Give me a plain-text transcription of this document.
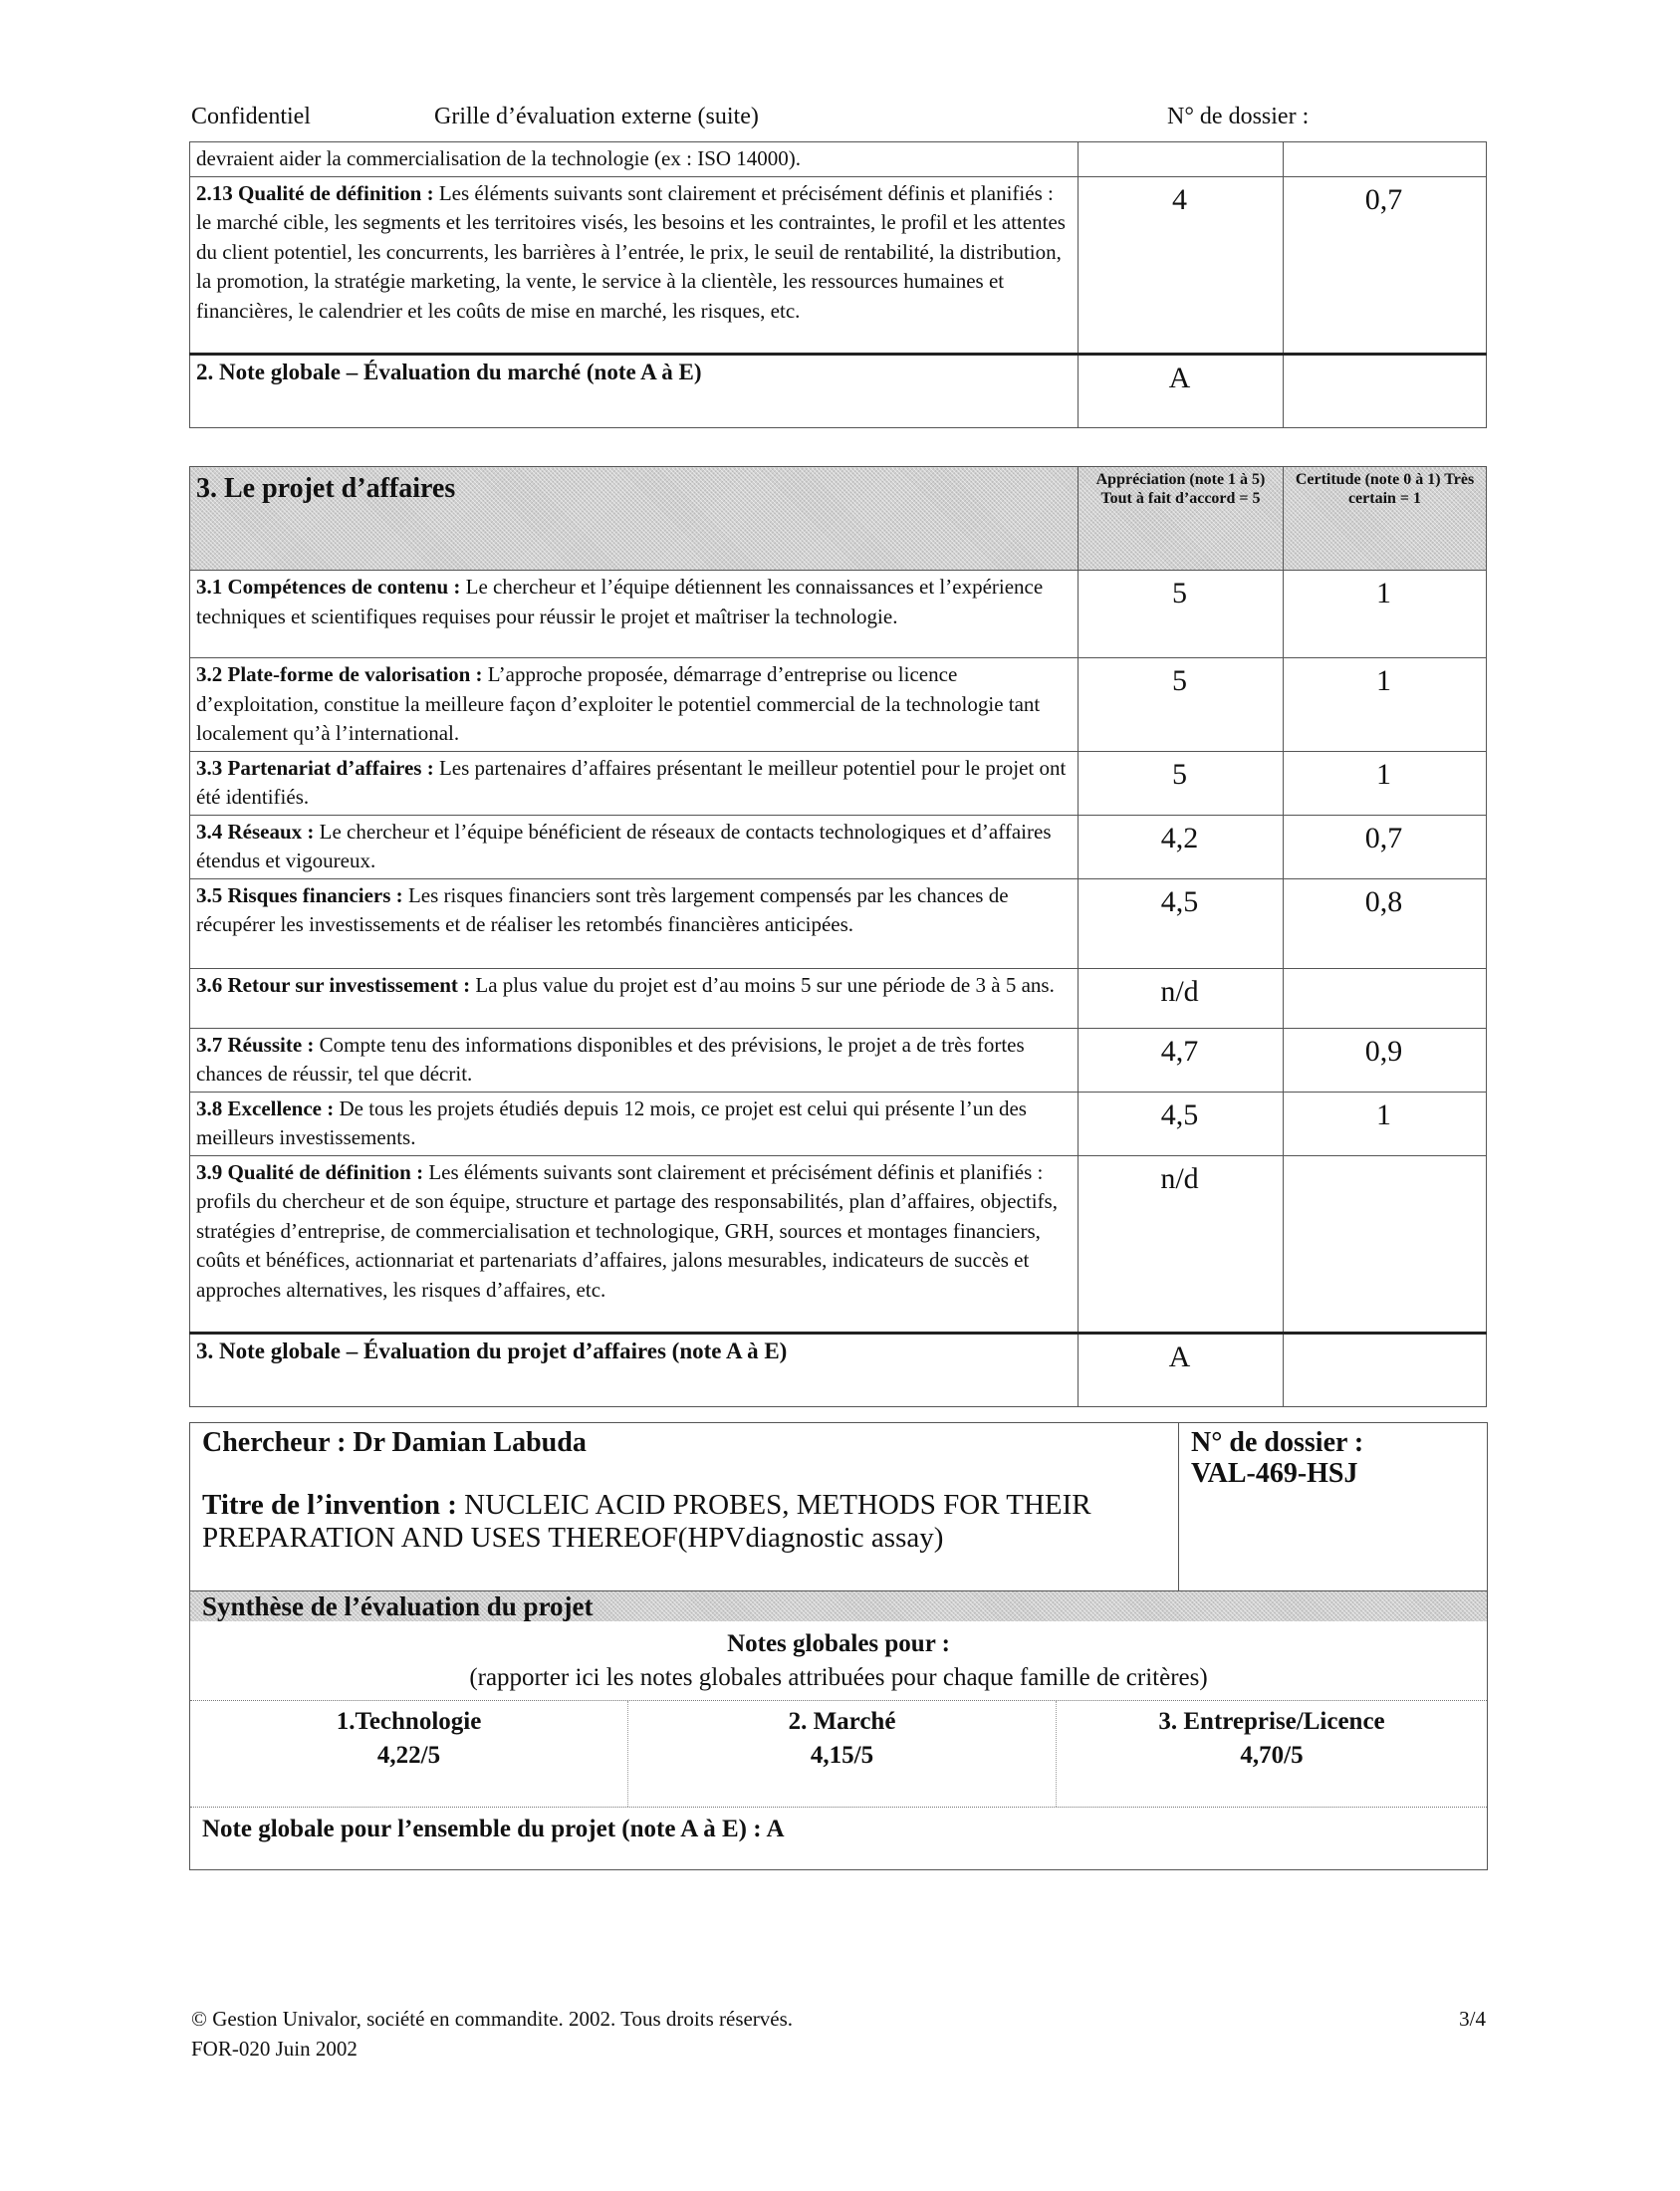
Confidentiel	Grille d’évaluation externe (suite)	N° de dossier :
devraient aider la commercialisation de la technologie (ex : ISO 14000).		
2.13 Qualité de définition : Les éléments suivants sont clairement et précisément définis et planifiés : le marché cible, les segments et les territoires visés, les besoins et les contraintes, le profil et les attentes du client potentiel, les concurrents, les barrières à l’entrée, le prix, le seuil de rentabilité, la distribution, la promotion, la stratégie marketing, la vente, le service à la clientèle, les ressources humaines et financières, le calendrier et les coûts de mise en marché, les risques, etc.	4	0,7
2. Note globale – Évaluation du marché (note A à E)	A	
3. Le projet d’affaires	Appréciation (note 1 à 5) Tout à fait d’accord = 5	Certitude (note 0 à 1) Très certain = 1
3.1 Compétences de contenu : Le chercheur et l’équipe détiennent les connaissances et l’expérience techniques et scientifiques requises pour réussir le projet et maîtriser la technologie.	5	1
3.2 Plate-forme de valorisation : L’approche proposée, démarrage d’entreprise ou licence d’exploitation, constitue la meilleure façon d’exploiter le potentiel commercial de la technologie tant localement qu’à l’international.	5	1
3.3 Partenariat d’affaires : Les partenaires d’affaires présentant le meilleur potentiel pour le projet ont été identifiés.	5	1
3.4 Réseaux : Le chercheur et l’équipe bénéficient de réseaux de contacts technologiques et d’affaires étendus et vigoureux.	4,2	0,7
3.5 Risques financiers : Les risques financiers sont très largement compensés par les chances de récupérer les investissements et de réaliser les retombés financières anticipées.	4,5	0,8
3.6 Retour sur investissement : La plus value du projet est d’au moins 5 sur une période de 3 à 5 ans.	n/d	
3.7 Réussite : Compte tenu des informations disponibles et des prévisions, le projet a de très fortes chances de réussir, tel que décrit.	4,7	0,9
3.8 Excellence : De tous les projets étudiés depuis 12 mois, ce projet est celui qui présente l’un des meilleurs investissements.	4,5	1
3.9 Qualité de définition : Les éléments suivants sont clairement et précisément définis et planifiés : profils du chercheur et de son équipe, structure et partage des responsabilités, plan d’affaires, objectifs, stratégies d’entreprise, de commercialisation et technologique, GRH, sources et montages financiers, coûts et bénéfices, actionnariat et partenariats d’affaires, jalons mesurables, indicateurs de succès et approches alternatives, les risques d’affaires, etc.	n/d	
3. Note globale – Évaluation du projet d’affaires (note A à E)	A	
Chercheur : Dr Damian Labuda
Titre de l’invention : NUCLEIC ACID PROBES, METHODS FOR THEIR PREPARATION AND USES THEREOF(HPVdiagnostic assay)
N° de dossier :
VAL-469-HSJ
Synthèse de l’évaluation du projet
Notes globales pour :
(rapporter ici les notes globales attribuées pour chaque famille de critères)
1.Technologie
4,22/5
2. Marché
4,15/5
3. Entreprise/Licence
4,70/5
Note globale pour l’ensemble du projet (note A à E) : A
© Gestion Univalor, société en commandite. 2002. Tous droits réservés.
FOR-020 Juin 2002
3/4
